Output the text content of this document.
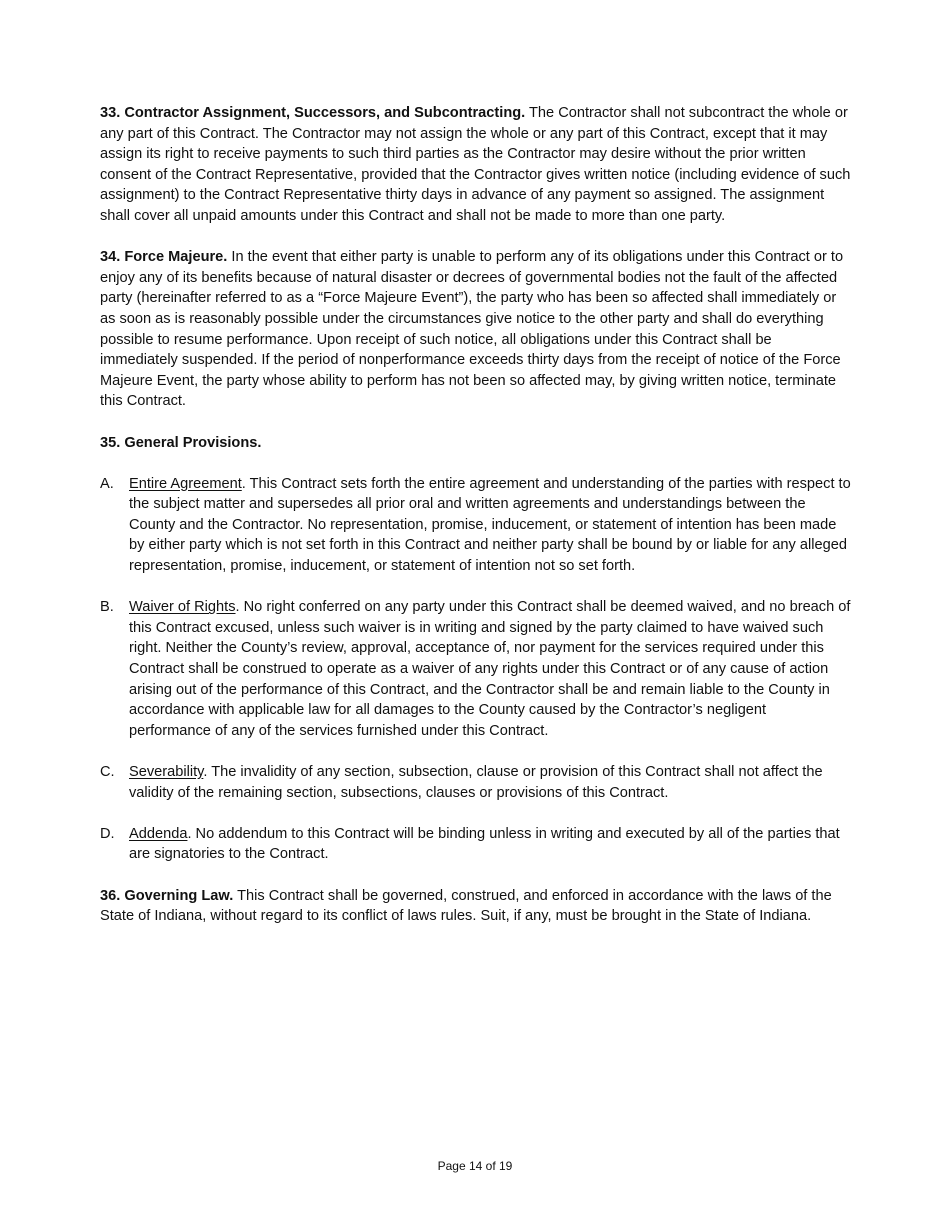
33. Contractor Assignment, Successors, and Subcontracting. The Contractor shall not subcontract the whole or any part of this Contract. The Contractor may not assign the whole or any part of this Contract, except that it may assign its right to receive payments to such third parties as the Contractor may desire without the prior written consent of the Contract Representative, provided that the Contractor gives written notice (including evidence of such assignment) to the Contract Representative thirty days in advance of any payment so assigned. The assignment shall cover all unpaid amounts under this Contract and shall not be made to more than one party.

34. Force Majeure. In the event that either party is unable to perform any of its obligations under this Contract or to enjoy any of its benefits because of natural disaster or decrees of governmental bodies not the fault of the affected party (hereinafter referred to as a “Force Majeure Event”), the party who has been so affected shall immediately or as soon as is reasonably possible under the circumstances give notice to the other party and shall do everything possible to resume performance. Upon receipt of such notice, all obligations under this Contract shall be immediately suspended. If the period of nonperformance exceeds thirty days from the receipt of notice of the Force Majeure Event, the party whose ability to perform has not been so affected may, by giving written notice, terminate this Contract.

35. General Provisions.

A.	Entire Agreement. This Contract sets forth the entire agreement and understanding of the parties with respect to the subject matter and supersedes all prior oral and written agreements and understandings between the County and the Contractor. No representation, promise, inducement, or statement of intention has been made by either party which is not set forth in this Contract and neither party shall be bound by or liable for any alleged representation, promise, inducement, or statement of intention not so set forth.

B.	Waiver of Rights. No right conferred on any party under this Contract shall be deemed waived, and no breach of this Contract excused, unless such waiver is in writing and signed by the party claimed to have waived such right. Neither the County’s review, approval, acceptance of, nor payment for the services required under this Contract shall be construed to operate as a waiver of any rights under this Contract or of any cause of action arising out of the performance of this Contract, and the Contractor shall be and remain liable to the County in accordance with applicable law for all damages to the County caused by the Contractor’s negligent performance of any of the services furnished under this Contract.

C. Severability. The invalidity of any section, subsection, clause or provision of this Contract shall not affect the validity of the remaining section, subsections, clauses or provisions of this Contract.

D. Addenda. No addendum to this Contract will be binding unless in writing and executed by all of the parties that are signatories to the Contract.

36. Governing Law. This Contract shall be governed, construed, and enforced in accordance with the laws of the State of Indiana, without regard to its conflict of laws rules. Suit, if any, must be brought in the State of Indiana.

Page 14 of 19
